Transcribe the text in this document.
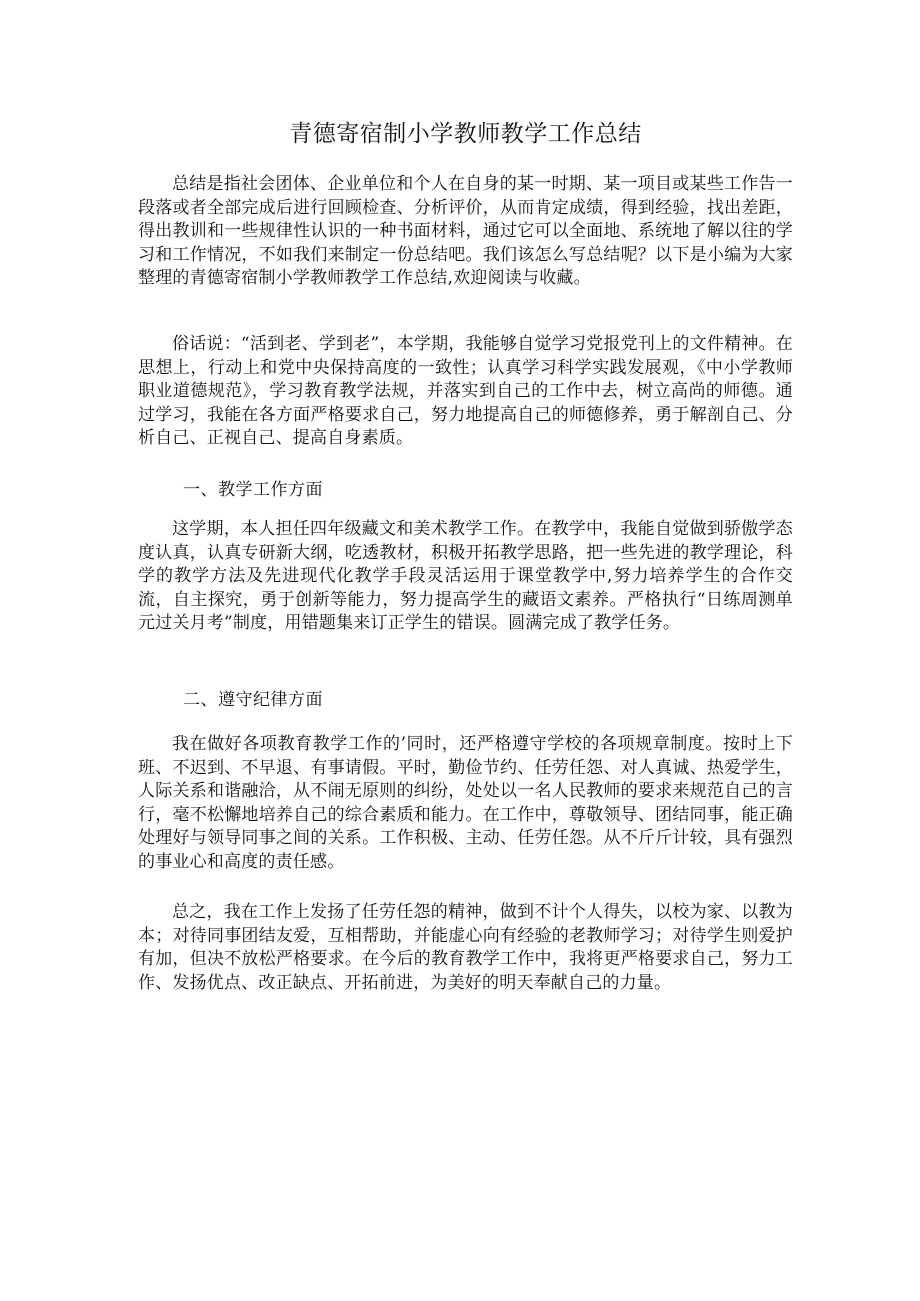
青德寄宿制小学教师教学工作总结

总结是指社会团体、企业单位和个人在自身的某一时期、某一项目或某些工作告一段落或者全部完成后进行回顾检查、分析评价，从而肯定成绩，得到经验，找出差距，得出教训和一些规律性认识的一种书面材料，通过它可以全面地、系统地了解以往的学习和工作情况，不如我们来制定一份总结吧。我们该怎么写总结呢？以下是小编为大家整理的青德寄宿制小学教师教学工作总结,欢迎阅读与收藏。

俗话说：“活到老、学到老”，本学期，我能够自觉学习党报党刊上的文件精神。在思想上，行动上和党中央保持高度的一致性；认真学习科学实践发展观，《中小学教师职业道德规范》，学习教育教学法规，并落实到自己的工作中去，树立高尚的师德。通过学习，我能在各方面严格要求自己，努力地提高自己的师德修养，勇于解剖自己、分析自己、正视自己、提高自身素质。

一、教学工作方面

这学期，本人担任四年级藏文和美术教学工作。在教学中，我能自觉做到骄傲学态度认真，认真专研新大纲，吃透教材，积极开拓教学思路，把一些先进的教学理论，科学的教学方法及先进现代化教学手段灵活运用于课堂教学中,努力培养学生的合作交流，自主探究，勇于创新等能力，努力提高学生的藏语文素养。严格执行“日练周测单元过关月考”制度，用错题集来订正学生的错误。圆满完成了教学任务。

二、遵守纪律方面

我在做好各项教育教学工作的’同时，还严格遵守学校的各项规章制度。按时上下班、不迟到、不早退、有事请假。平时，勤俭节约、任劳任怨、对人真诚、热爱学生，人际关系和谐融洽，从不闹无原则的纠纷，处处以一名人民教师的要求来规范自己的言行，毫不松懈地培养自己的综合素质和能力。在工作中，尊敬领导、团结同事，能正确处理好与领导同事之间的关系。工作积极、主动、任劳任怨。从不斤斤计较，具有强烈的事业心和高度的责任感。

总之，我在工作上发扬了任劳任怨的精神，做到不计个人得失，以校为家、以教为本；对待同事团结友爱，互相帮助，并能虚心向有经验的老教师学习；对待学生则爱护有加，但决不放松严格要求。在今后的教育教学工作中，我将更严格要求自己，努力工作、发扬优点、改正缺点、开拓前进，为美好的明天奉献自己的力量。
